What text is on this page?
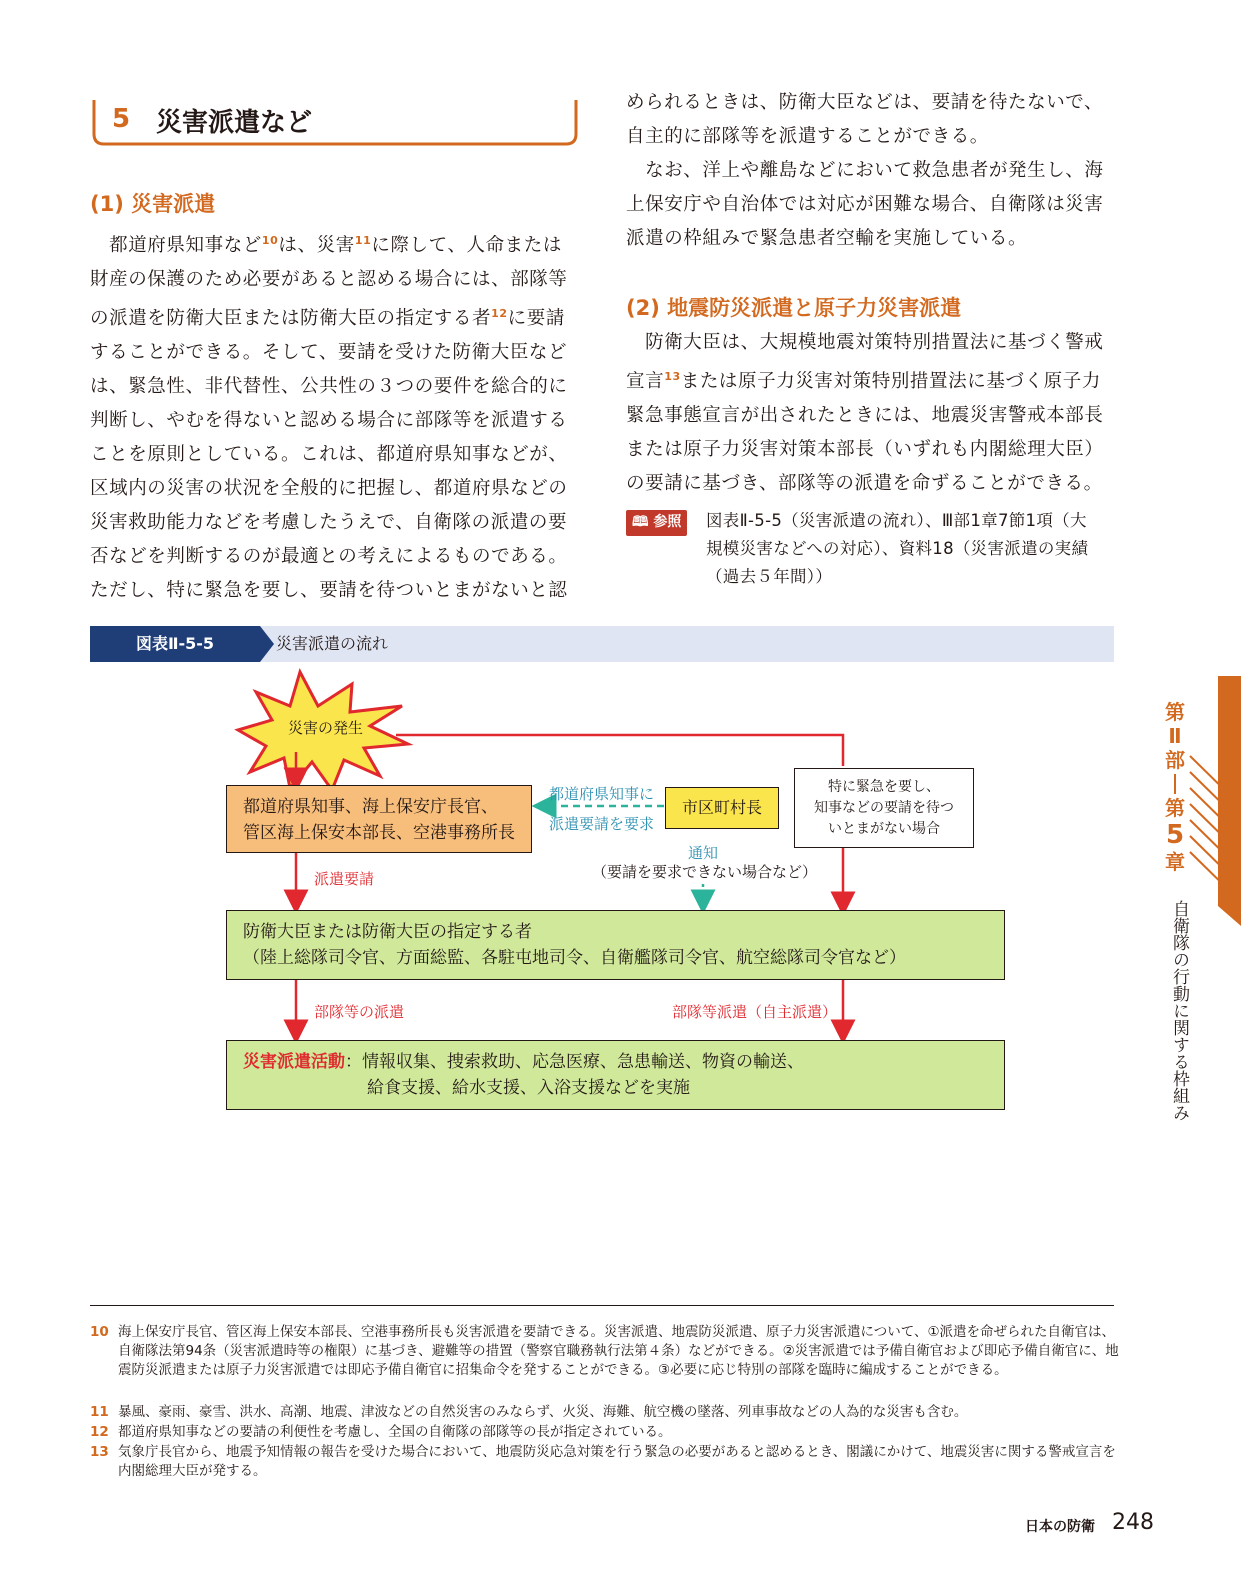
5 災害派遣など
(1) 災害派遣
　都道府県知事など$^{10}$は、災害$^{11}$に際して、人命または
財産の保護のため必要があると認める場合には、部隊等
の派遣を防衛大臣または防衛大臣の指定する者$^{12}$に要請
することができる。そして、要請を受けた防衛大臣など
は、緊急性、非代替性、公共性の３つの要件を総合的に
判断し、やむを得ないと認める場合に部隊等を派遣する
ことを原則としている。これは、都道府県知事などが、
区域内の災害の状況を全般的に把握し、都道府県などの
災害救助能力などを考慮したうえで、自衛隊の派遣の要
否などを判断するのが最適との考えによるものである。
ただし、特に緊急を要し、要請を待ついとまがないと認
められるときは、防衛大臣などは、要請を待たないで、
自主的に部隊等を派遣することができる。
　なお、洋上や離島などにおいて救急患者が発生し、海
上保安庁や自治体では対応が困難な場合、自衛隊は災害
派遣の枠組みで緊急患者空輸を実施している。
(2) 地震防災派遣と原子力災害派遣
　防衛大臣は、大規模地震対策特別措置法に基づく警戒
宣言$^{13}$または原子力災害対策特別措置法に基づく原子力
緊急事態宣言が出されたときには、地震災害警戒本部長
または原子力災害対策本部長（いずれも内閣総理大臣）
の要請に基づき、部隊等の派遣を命ずることができる。
🕮 参照	図表Ⅱ-5-5（災害派遣の流れ）、Ⅲ部1章7節1項（大
規模災害などへの対応）、資料18（災害派遣の実績
（過去５年間））
図表Ⅱ-5-5	災害派遣の流れ
災害の発生
都道府県知事、海上保安庁長官、
管区海上保安本部長、空港事務所長
都道府県知事に
派遣要請を要求
市区町村長
特に緊急を要し、
知事などの要請を待つ
いとまがない場合
派遣要請
通知
（要請を要求できない場合など）
防衛大臣または防衛大臣の指定する者
（陸上総隊司令官、方面総監、各駐屯地司令、自衛艦隊司令官、航空総隊司令官など）
部隊等の派遣	部隊等派遣（自主派遣）
災害派遣活動：情報収集、捜索救助、応急医療、急患輸送、物資の輸送、
給食支援、給水支援、入浴支援などを実施
10 海上保安庁長官、管区海上保安本部長、空港事務所長も災害派遣を要請できる。災害派遣、地震防災派遣、原子力災害派遣について、①派遣を命ぜられた自衛官は、自衛隊法第94条（災害派遣時等の権限）に基づき、避難等の措置（警察官職務執行法第４条）などができる。②災害派遣では予備自衛官および即応予備自衛官に、地震防災派遣または原子力災害派遣では即応予備自衛官に招集命令を発することができる。③必要に応じ特別の部隊を臨時に編成することができる。
11 暴風、豪雨、豪雪、洪水、高潮、地震、津波などの自然災害のみならず、火災、海難、航空機の墜落、列車事故などの人為的な災害も含む。
12 都道府県知事などの要請の利便性を考慮し、全国の自衛隊の部隊等の長が指定されている。
13 気象庁長官から、地震予知情報の報告を受けた場合において、地震防災応急対策を行う緊急の必要があると認めるとき、閣議にかけて、地震災害に関する警戒宣言を内閣総理大臣が発する。
第
Ⅱ
部
第
5
章
自衛隊の行動に関する枠組み
日本の防衛 248
